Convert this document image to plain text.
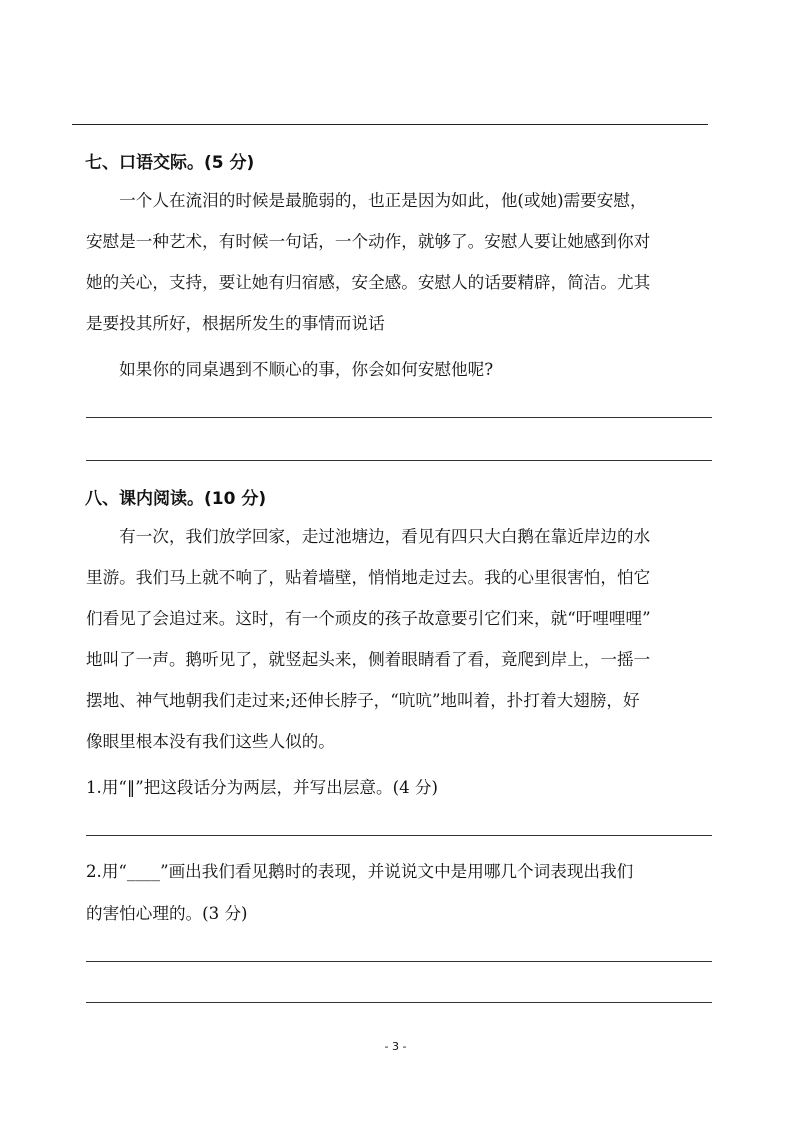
七、口语交际。(5 分)
　　一个人在流泪的时候是最脆弱的，也正是因为如此，他(或她)需要安慰，
安慰是一种艺术，有时候一句话，一个动作，就够了。安慰人要让她感到你对
她的关心，支持，要让她有归宿感，安全感。安慰人的话要精辟，简洁。尤其
是要投其所好，根据所发生的事情而说话
　　如果你的同桌遇到不顺心的事，你会如何安慰他呢?
八、课内阅读。(10 分)
　　有一次，我们放学回家，走过池塘边，看见有四只大白鹅在靠近岸边的水
里游。我们马上就不响了，贴着墙壁，悄悄地走过去。我的心里很害怕，怕它
们看见了会追过来。这时，有一个顽皮的孩子故意要引它们来，就“吁哩哩哩”
地叫了一声。鹅听见了，就竖起头来，侧着眼睛看了看，竟爬到岸上，一摇一
摆地、神气地朝我们走过来;还伸长脖子，“吭吭”地叫着，扑打着大翅膀，好
像眼里根本没有我们这些人似的。
1.用“‖”把这段话分为两层，并写出层意。(4 分)
2.用“____”画出我们看见鹅时的表现，并说说文中是用哪几个词表现出我们
的害怕心理的。(3 分)
- 3 -
